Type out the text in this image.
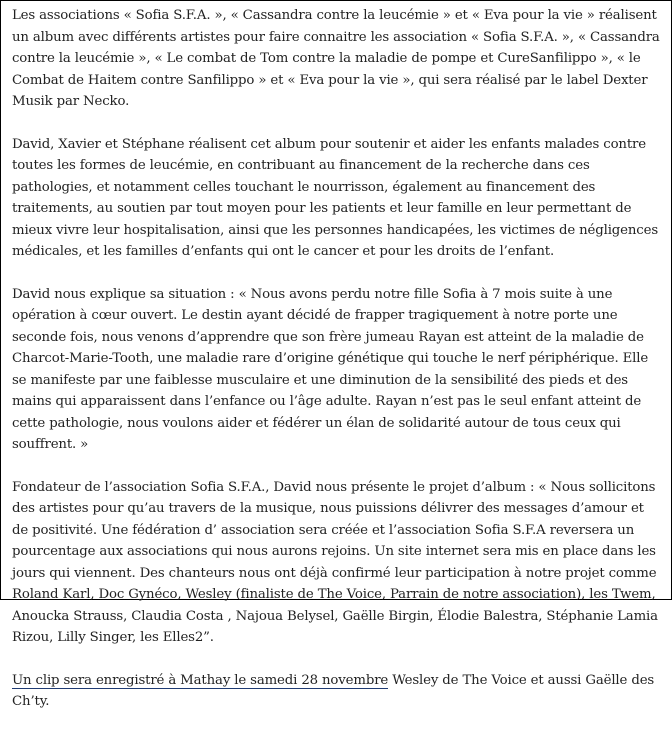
Les associations « Sofia S.F.A. », « Cassandra contre la leucémie » et « Eva pour la vie » réalisent un album avec différents artistes pour faire connaitre les association « Sofia S.F.A. », « Cassandra contre la leucémie », « Le combat de Tom contre la maladie de pompe et CureSanfilippo », « le Combat de Haitem contre Sanfilippo » et « Eva pour la vie », qui sera réalisé par le label Dexter Musik par Necko.

David, Xavier et Stéphane réalisent cet album pour soutenir et aider les enfants malades contre toutes les formes de leucémie, en contribuant au financement de la recherche dans ces pathologies, et notamment celles touchant le nourrisson, également au financement des traitements, au soutien par tout moyen pour les patients et leur famille en leur permettant de mieux vivre leur hospitalisation, ainsi que les personnes handicapées, les victimes de négligences médicales, et les familles d’enfants qui ont le cancer et pour les droits de l’enfant.

David nous explique sa situation : « Nous avons perdu notre fille Sofia à 7 mois suite à une opération à cœur ouvert. Le destin ayant décidé de frapper tragiquement à notre porte une seconde fois, nous venons d’apprendre que son frère jumeau Rayan est atteint de la maladie de Charcot-Marie-Tooth, une maladie rare d’origine génétique qui touche le nerf périphérique. Elle se manifeste par une faiblesse musculaire et une diminution de la sensibilité des pieds et des mains qui apparaissent dans l’enfance ou l’âge adulte. Rayan n’est pas le seul enfant atteint de cette pathologie, nous voulons aider et fédérer un élan de solidarité autour de tous ceux qui souffrent. »

Fondateur de l’association Sofia S.F.A., David nous présente le projet d’album : « Nous sollicitons des artistes pour qu’au travers de la musique, nous puissions délivrer des messages d’amour et de positivité. Une fédération d’ association sera créée et l’association Sofia S.F.A reversera un pourcentage aux associations qui nous aurons rejoins. Un site internet sera mis en place dans les jours qui viennent. Des chanteurs nous ont déjà confirmé leur participation à notre projet comme Roland Karl, Doc Gynéco, Wesley (finaliste de The Voice, Parrain de notre association), les Twem, Anoucka Strauss, Claudia Costa , Najoua Belysel, Gaëlle Birgin, Élodie Balestra, Stéphanie Lamia Rizou, Lilly Singer, les Elles2”.

Un clip sera enregistré à Mathay le samedi 28 novembre Wesley de The Voice et aussi Gaëlle des Ch’ty.
